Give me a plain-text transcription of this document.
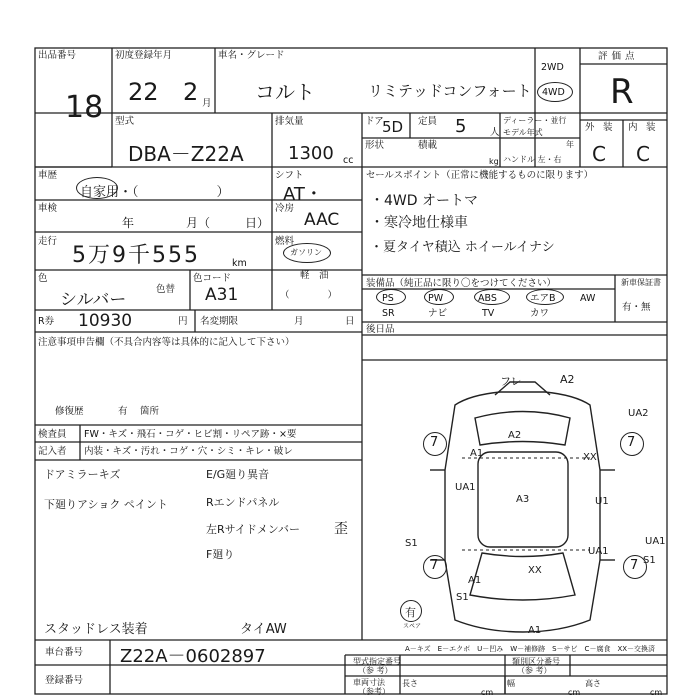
出品番号
18
初度登録年月
22 2 月
車名・グレード
コルト	リミテッドコンフォート
2WD
4WD
評価点
R
型式
DBA－Z22A
排気量
1300 cc
ドア
5D 定員 5 人
ディーラー・並行
モデル年式
年
形状	積載
kg ハンドル 左・右
外 装 内 装
C C
車歴
自家用・（　　　　　　）
シフト
AT・
車検
年	月（	日）
冷房
AAC
走行
5万9千555	km
燃料
ガソリン
軽　油
（　　　　）
色
シルバー
色替
色コード
A31
R券 10930	円 名変期限	月	日
注意事項申告欄（不具合内容等は具体的に記入して下さい）
修復歴	有 箇所
検査員 FW・キズ・飛石・コゲ・ヒビ割・リペア跡・×要
記入者 内装・キズ・汚れ・コゲ・穴・シミ・キレ・破レ
セールスポイント（正常に機能するものに限ります）
・4WD オートマ
・寒冷地仕様車
・夏タイヤ積込 ホイールイナシ
装備品（純正品に限り〇をつけてください）	新車保証書
有・無
PS	PW	ABS	エアB	AW
SR	ナビ	TV	カワ
後日品
ドアミラーキズ
下廻りアショク ペイント
E/G廻り異音
Rエンドパネル
左Rサイドメンバー
F廻り
歪
スタッドレス装着	タイAW
フレ	A2
UA2
A2
A1	XX
UA1
A3	U1
S1
UA1
UA1
S1
XX
A1
A1
S1
7	7
7	7
有
スペア
A－キズ　E－エクボ　U－凹み　W－補修跡　S－サビ　C－腐食　XX－交換済
車台番号 Z22A－0602897
登録番号
型式指定番号
（参 考）
類別区分番号
（参 考）
車両寸法
（参考）
長さ
cm
幅
cm
高さ
cm
